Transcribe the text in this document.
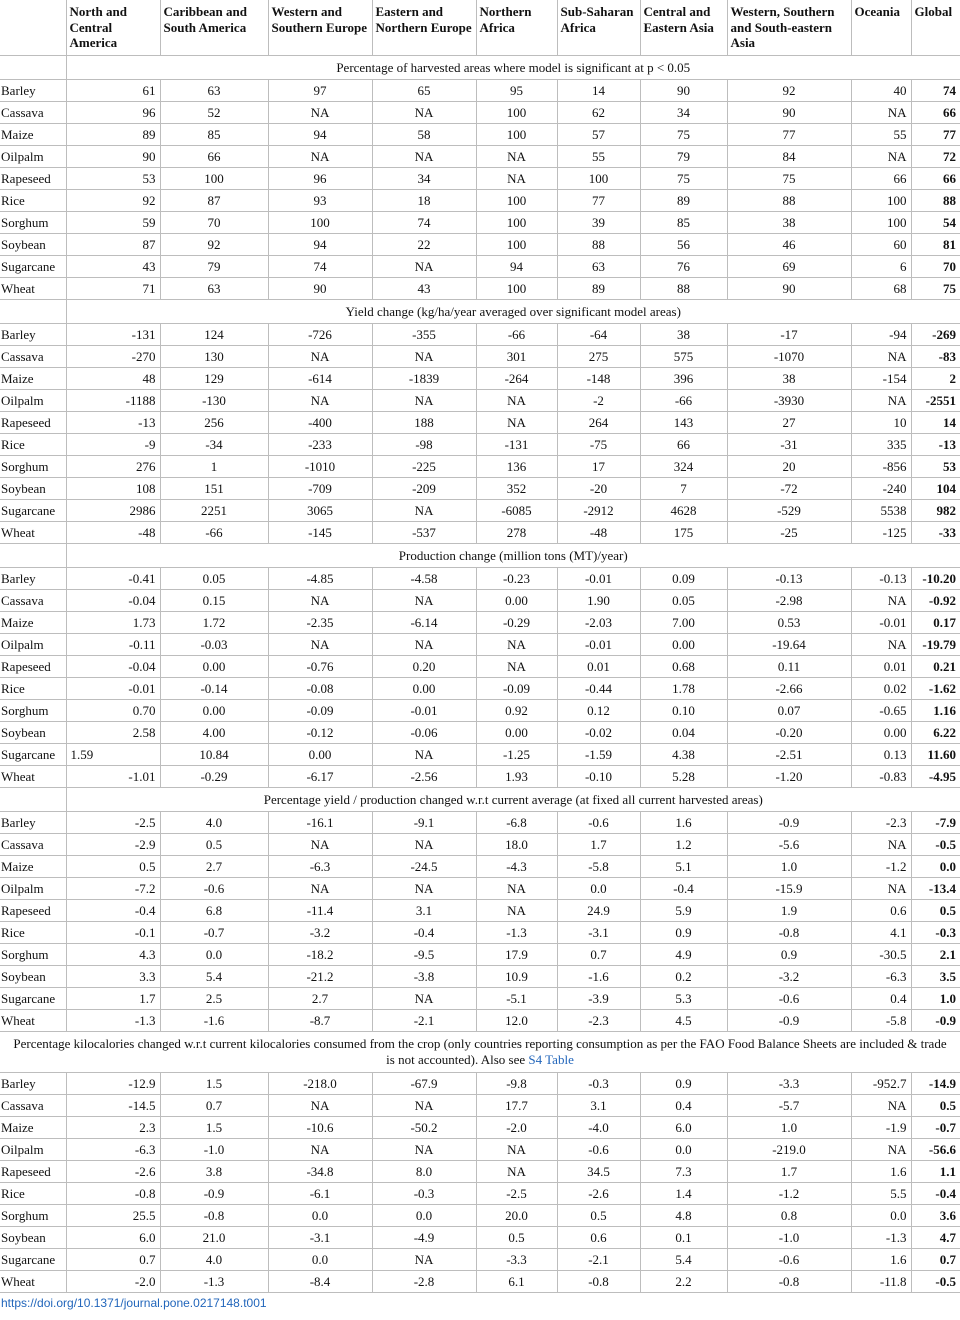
	North and Central America	Caribbean and South America	Western and Southern Europe	Eastern and Northern Europe	Northern Africa	Sub-Saharan Africa	Central and Eastern Asia	Western, Southern and South-eastern Asia	Oceania	Global
	Percentage of harvested areas where model is significant at p < 0.05									
Barley	61	63	97	65	95	14	90	92	40	74
Cassava	96	52	NA	NA	100	62	34	90	NA	66
Maize	89	85	94	58	100	57	75	77	55	77
Oilpalm	90	66	NA	NA	NA	55	79	84	NA	72
Rapeseed	53	100	96	34	NA	100	75	75	66	66
Rice	92	87	93	18	100	77	89	88	100	88
Sorghum	59	70	100	74	100	39	85	38	100	54
Soybean	87	92	94	22	100	88	56	46	60	81
Sugarcane	43	79	74	NA	94	63	76	69	6	70
Wheat	71	63	90	43	100	89	88	90	68	75
	Yield change (kg/ha/year averaged over significant model areas)									
Barley	-131	124	-726	-355	-66	-64	38	-17	-94	-269
Cassava	-270	130	NA	NA	301	275	575	-1070	NA	-83
Maize	48	129	-614	-1839	-264	-148	396	38	-154	2
Oilpalm	-1188	-130	NA	NA	NA	-2	-66	-3930	NA	-2551
Rapeseed	-13	256	-400	188	NA	264	143	27	10	14
Rice	-9	-34	-233	-98	-131	-75	66	-31	335	-13
Sorghum	276	1	-1010	-225	136	17	324	20	-856	53
Soybean	108	151	-709	-209	352	-20	7	-72	-240	104
Sugarcane	2986	2251	3065	NA	-6085	-2912	4628	-529	5538	982
Wheat	-48	-66	-145	-537	278	-48	175	-25	-125	-33
	Production change (million tons (MT)/year)									
Barley	-0.41	0.05	-4.85	-4.58	-0.23	-0.01	0.09	-0.13	-0.13	-10.20
Cassava	-0.04	0.15	NA	NA	0.00	1.90	0.05	-2.98	NA	-0.92
Maize	1.73	1.72	-2.35	-6.14	-0.29	-2.03	7.00	0.53	-0.01	0.17
Oilpalm	-0.11	-0.03	NA	NA	NA	-0.01	0.00	-19.64	NA	-19.79
Rapeseed	-0.04	0.00	-0.76	0.20	NA	0.01	0.68	0.11	0.01	0.21
Rice	-0.01	-0.14	-0.08	0.00	-0.09	-0.44	1.78	-2.66	0.02	-1.62
Sorghum	0.70	0.00	-0.09	-0.01	0.92	0.12	0.10	0.07	-0.65	1.16
Soybean	2.58	4.00	-0.12	-0.06	0.00	-0.02	0.04	-0.20	0.00	6.22
Sugarcane	1.59	10.84	0.00	NA	-1.25	-1.59	4.38	-2.51	0.13	11.60
Wheat	-1.01	-0.29	-6.17	-2.56	1.93	-0.10	5.28	-1.20	-0.83	-4.95
	Percentage yield / production changed w.r.t current average (at fixed all current harvested areas)									
Barley	-2.5	4.0	-16.1	-9.1	-6.8	-0.6	1.6	-0.9	-2.3	-7.9
Cassava	-2.9	0.5	NA	NA	18.0	1.7	1.2	-5.6	NA	-0.5
Maize	0.5	2.7	-6.3	-24.5	-4.3	-5.8	5.1	1.0	-1.2	0.0
Oilpalm	-7.2	-0.6	NA	NA	NA	0.0	-0.4	-15.9	NA	-13.4
Rapeseed	-0.4	6.8	-11.4	3.1	NA	24.9	5.9	1.9	0.6	0.5
Rice	-0.1	-0.7	-3.2	-0.4	-1.3	-3.1	0.9	-0.8	4.1	-0.3
Sorghum	4.3	0.0	-18.2	-9.5	17.9	0.7	4.9	0.9	-30.5	2.1
Soybean	3.3	5.4	-21.2	-3.8	10.9	-1.6	0.2	-3.2	-6.3	3.5
Sugarcane	1.7	2.5	2.7	NA	-5.1	-3.9	5.3	-0.6	0.4	1.0
Wheat	-1.3	-1.6	-8.7	-2.1	12.0	-2.3	4.5	-0.9	-5.8	-0.9
Percentage kilocalories changed w.r.t current kilocalories consumed from the crop (only countries reporting consumption as per the FAO Food Balance Sheets are included & trade is not accounted). Also see S4 Table										
Barley	-12.9	1.5	-218.0	-67.9	-9.8	-0.3	0.9	-3.3	-952.7	-14.9
Cassava	-14.5	0.7	NA	NA	17.7	3.1	0.4	-5.7	NA	0.5
Maize	2.3	1.5	-10.6	-50.2	-2.0	-4.0	6.0	1.0	-1.9	-0.7
Oilpalm	-6.3	-1.0	NA	NA	NA	-0.6	0.0	-219.0	NA	-56.6
Rapeseed	-2.6	3.8	-34.8	8.0	NA	34.5	7.3	1.7	1.6	1.1
Rice	-0.8	-0.9	-6.1	-0.3	-2.5	-2.6	1.4	-1.2	5.5	-0.4
Sorghum	25.5	-0.8	0.0	0.0	20.0	0.5	4.8	0.8	0.0	3.6
Soybean	6.0	21.0	-3.1	-4.9	0.5	0.6	0.1	-1.0	-1.3	4.7
Sugarcane	0.7	4.0	0.0	NA	-3.3	-2.1	5.4	-0.6	1.6	0.7
Wheat	-2.0	-1.3	-8.4	-2.8	6.1	-0.8	2.2	-0.8	-11.8	-0.5
https://doi.org/10.1371/journal.pone.0217148.t001
